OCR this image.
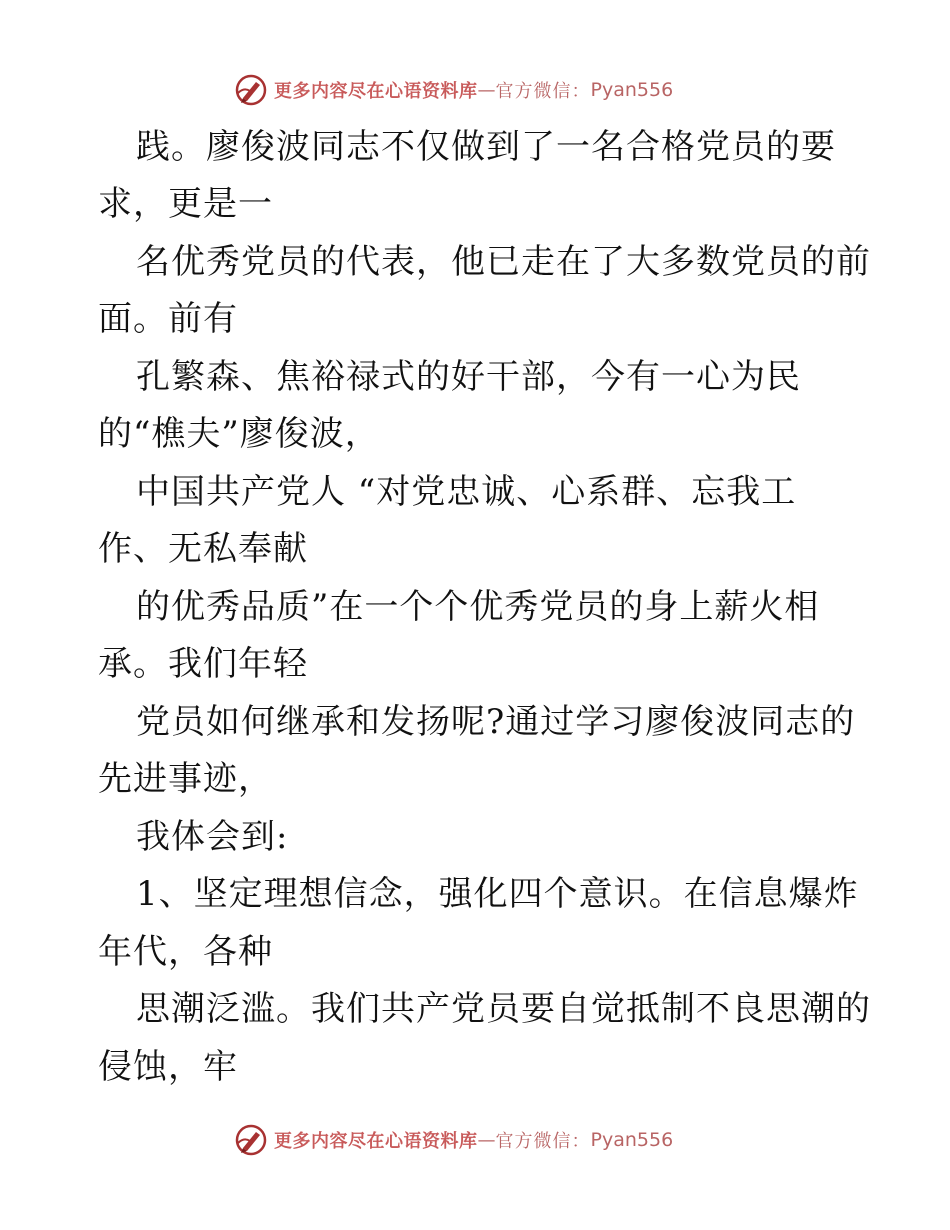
更多内容尽在心语资料库 — 官方微信： Pyan556
践。廖俊波同志不仅做到了一名合格党员的要
求，更是一
名优秀党员的代表，他已走在了大多数党员的前
面。前有
孔繁森、焦裕禄式的好干部，今有一心为民
的“樵夫”廖俊波，
中国共产党人 “对党忠诚、心系群、忘我工
作、无私奉献
的优秀品质”在一个个优秀党员的身上薪火相
承。我们年轻
党员如何继承和发扬呢?通过学习廖俊波同志的
先进事迹，
我体会到:
1、坚定理想信念，强化四个意识。在信息爆炸
年代，各种
思潮泛滥。我们共产党员要自觉抵制不良思潮的
侵蚀，牢
更多内容尽在心语资料库 — 官方微信： Pyan556
